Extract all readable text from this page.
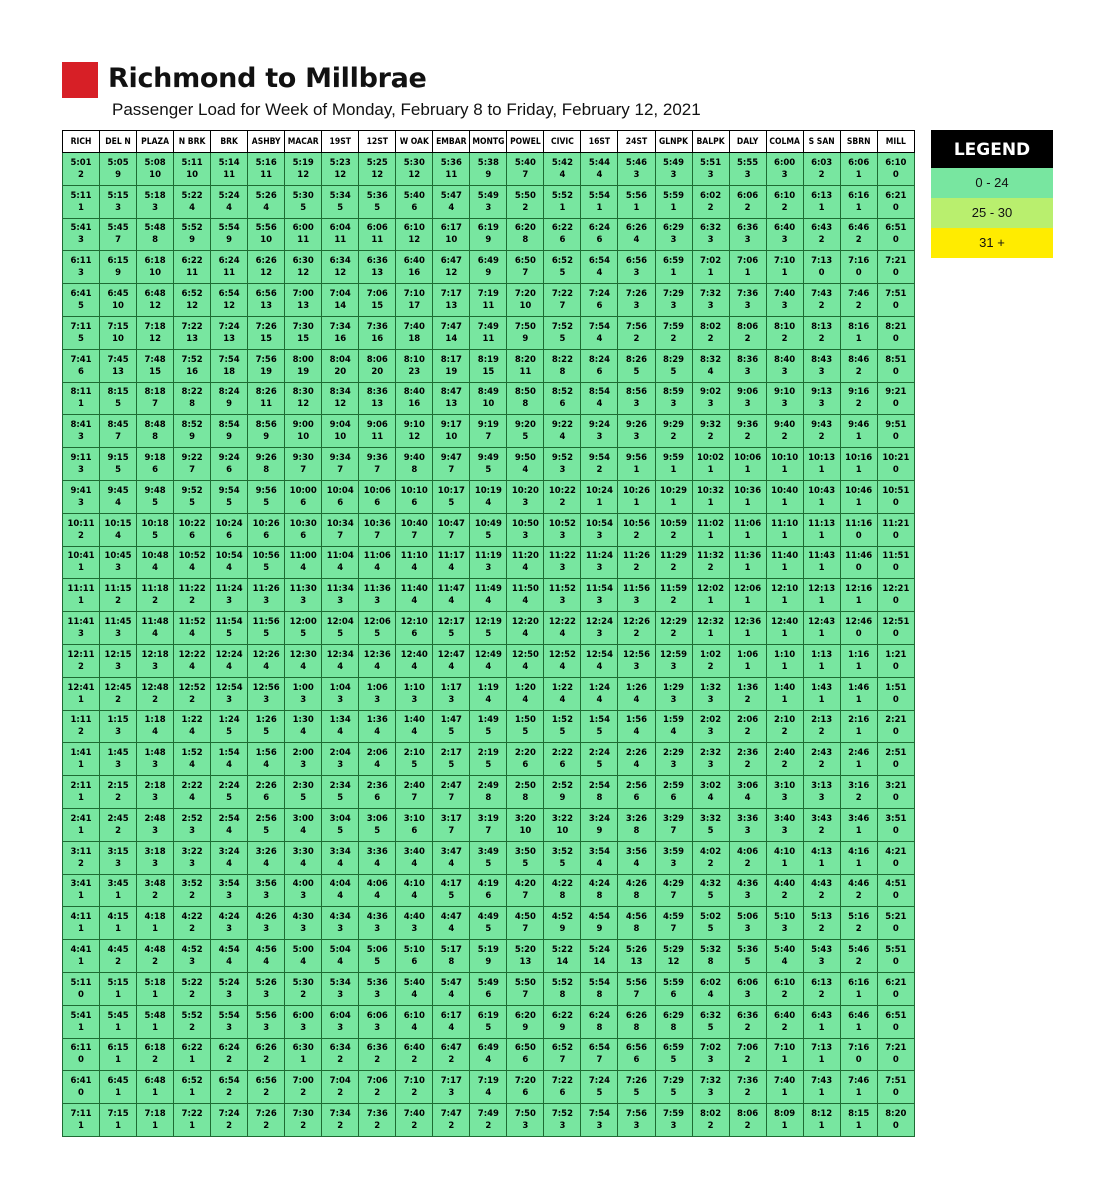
Richmond to Millbrae
Passenger Load for Week of Monday, February 8 to Friday, February 12, 2021
RICH	DEL N	PLAZA	N BRK	BRK	ASHBY	MACAR	19ST	12ST	W OAK	EMBAR	MONTG	POWEL	CIVIC	16ST	24ST	GLNPK	BALPK	DALY	COLMA	S SAN	SBRN	MILL

5:01
2	5:05
9	5:08
10	5:11
10	5:14
11	5:16
11	5:19
12	5:23
12	5:25
12	5:30
12	5:36
11	5:38
9	5:40
7	5:42
4	5:44
4	5:46
3	5:49
3	5:51
3	5:55
3	6:00
3	6:03
2	6:06
1	6:10
0

5:11
1	5:15
3	5:18
3	5:22
4	5:24
4	5:26
4	5:30
5	5:34
5	5:36
5	5:40
6	5:47
4	5:49
3	5:50
2	5:52
1	5:54
1	5:56
1	5:59
1	6:02
2	6:06
2	6:10
2	6:13
1	6:16
1	6:21
0

5:41
3	5:45
7	5:48
8	5:52
9	5:54
9	5:56
10	6:00
11	6:04
11	6:06
11	6:10
12	6:17
10	6:19
9	6:20
8	6:22
6	6:24
6	6:26
4	6:29
3	6:32
3	6:36
3	6:40
3	6:43
2	6:46
2	6:51
0

6:11
3	6:15
9	6:18
10	6:22
11	6:24
11	6:26
12	6:30
12	6:34
12	6:36
13	6:40
16	6:47
12	6:49
9	6:50
7	6:52
5	6:54
4	6:56
3	6:59
1	7:02
1	7:06
1	7:10
1	7:13
0	7:16
0	7:21
0

6:41
5	6:45
10	6:48
12	6:52
12	6:54
12	6:56
13	7:00
13	7:04
14	7:06
15	7:10
17	7:17
13	7:19
11	7:20
10	7:22
7	7:24
6	7:26
3	7:29
3	7:32
3	7:36
3	7:40
3	7:43
2	7:46
2	7:51
0

7:11
5	7:15
10	7:18
12	7:22
13	7:24
13	7:26
15	7:30
15	7:34
16	7:36
16	7:40
18	7:47
14	7:49
11	7:50
9	7:52
5	7:54
4	7:56
2	7:59
2	8:02
2	8:06
2	8:10
2	8:13
2	8:16
1	8:21
0

7:41
6	7:45
13	7:48
15	7:52
16	7:54
18	7:56
19	8:00
19	8:04
20	8:06
20	8:10
23	8:17
19	8:19
15	8:20
11	8:22
8	8:24
6	8:26
5	8:29
5	8:32
4	8:36
3	8:40
3	8:43
3	8:46
2	8:51
0

8:11
1	8:15
5	8:18
7	8:22
8	8:24
9	8:26
11	8:30
12	8:34
12	8:36
13	8:40
16	8:47
13	8:49
10	8:50
8	8:52
6	8:54
4	8:56
3	8:59
3	9:02
3	9:06
3	9:10
3	9:13
3	9:16
2	9:21
0

8:41
3	8:45
7	8:48
8	8:52
9	8:54
9	8:56
9	9:00
10	9:04
10	9:06
11	9:10
12	9:17
10	9:19
7	9:20
5	9:22
4	9:24
3	9:26
3	9:29
2	9:32
2	9:36
2	9:40
2	9:43
2	9:46
1	9:51
0

9:11
3	9:15
5	9:18
6	9:22
7	9:24
6	9:26
8	9:30
7	9:34
7	9:36
7	9:40
8	9:47
7	9:49
5	9:50
4	9:52
3	9:54
2	9:56
1	9:59
1	10:02
1	10:06
1	10:10
1	10:13
1	10:16
1	10:21
0

9:41
3	9:45
4	9:48
5	9:52
5	9:54
5	9:56
5	10:00
6	10:04
6	10:06
6	10:10
6	10:17
5	10:19
4	10:20
3	10:22
2	10:24
1	10:26
1	10:29
1	10:32
1	10:36
1	10:40
1	10:43
1	10:46
1	10:51
0

10:11
2	10:15
4	10:18
5	10:22
6	10:24
6	10:26
6	10:30
6	10:34
7	10:36
7	10:40
7	10:47
7	10:49
5	10:50
3	10:52
3	10:54
3	10:56
2	10:59
2	11:02
1	11:06
1	11:10
1	11:13
1	11:16
0	11:21
0

10:41
1	10:45
3	10:48
4	10:52
4	10:54
4	10:56
5	11:00
4	11:04
4	11:06
4	11:10
4	11:17
4	11:19
3	11:20
4	11:22
3	11:24
3	11:26
2	11:29
2	11:32
2	11:36
1	11:40
1	11:43
1	11:46
0	11:51
0

11:11
1	11:15
2	11:18
2	11:22
2	11:24
3	11:26
3	11:30
3	11:34
3	11:36
3	11:40
4	11:47
4	11:49
4	11:50
4	11:52
3	11:54
3	11:56
3	11:59
2	12:02
1	12:06
1	12:10
1	12:13
1	12:16
1	12:21
0

11:41
3	11:45
3	11:48
4	11:52
4	11:54
5	11:56
5	12:00
5	12:04
5	12:06
5	12:10
6	12:17
5	12:19
5	12:20
4	12:22
4	12:24
3	12:26
2	12:29
2	12:32
1	12:36
1	12:40
1	12:43
1	12:46
0	12:51
0

12:11
2	12:15
3	12:18
3	12:22
4	12:24
4	12:26
4	12:30
4	12:34
4	12:36
4	12:40
4	12:47
4	12:49
4	12:50
4	12:52
4	12:54
4	12:56
3	12:59
3	1:02
2	1:06
1	1:10
1	1:13
1	1:16
1	1:21
0

12:41
1	12:45
2	12:48
2	12:52
2	12:54
3	12:56
3	1:00
3	1:04
3	1:06
3	1:10
3	1:17
3	1:19
4	1:20
4	1:22
4	1:24
4	1:26
4	1:29
3	1:32
3	1:36
2	1:40
1	1:43
1	1:46
1	1:51
0

1:11
2	1:15
3	1:18
4	1:22
4	1:24
5	1:26
5	1:30
4	1:34
4	1:36
4	1:40
4	1:47
5	1:49
5	1:50
5	1:52
5	1:54
5	1:56
4	1:59
4	2:02
3	2:06
2	2:10
2	2:13
2	2:16
1	2:21
0

1:41
1	1:45
3	1:48
3	1:52
4	1:54
4	1:56
4	2:00
3	2:04
3	2:06
4	2:10
5	2:17
5	2:19
5	2:20
6	2:22
6	2:24
5	2:26
4	2:29
3	2:32
3	2:36
2	2:40
2	2:43
2	2:46
1	2:51
0

2:11
1	2:15
2	2:18
3	2:22
4	2:24
5	2:26
6	2:30
5	2:34
5	2:36
6	2:40
7	2:47
7	2:49
8	2:50
8	2:52
9	2:54
8	2:56
6	2:59
6	3:02
4	3:06
4	3:10
3	3:13
3	3:16
2	3:21
0

2:41
1	2:45
2	2:48
3	2:52
3	2:54
4	2:56
5	3:00
4	3:04
5	3:06
5	3:10
6	3:17
7	3:19
7	3:20
10	3:22
10	3:24
9	3:26
8	3:29
7	3:32
5	3:36
3	3:40
3	3:43
2	3:46
1	3:51
0

3:11
2	3:15
3	3:18
3	3:22
3	3:24
4	3:26
4	3:30
4	3:34
4	3:36
4	3:40
4	3:47
4	3:49
5	3:50
5	3:52
5	3:54
4	3:56
4	3:59
3	4:02
2	4:06
2	4:10
1	4:13
1	4:16
1	4:21
0

3:41
1	3:45
1	3:48
2	3:52
2	3:54
3	3:56
3	4:00
3	4:04
4	4:06
4	4:10
4	4:17
5	4:19
6	4:20
7	4:22
8	4:24
8	4:26
8	4:29
7	4:32
5	4:36
3	4:40
2	4:43
2	4:46
2	4:51
0

4:11
1	4:15
1	4:18
1	4:22
2	4:24
3	4:26
3	4:30
3	4:34
3	4:36
3	4:40
3	4:47
4	4:49
5	4:50
7	4:52
9	4:54
9	4:56
8	4:59
7	5:02
5	5:06
3	5:10
3	5:13
2	5:16
2	5:21
0

4:41
1	4:45
2	4:48
2	4:52
3	4:54
4	4:56
4	5:00
4	5:04
4	5:06
5	5:10
6	5:17
8	5:19
9	5:20
13	5:22
14	5:24
14	5:26
13	5:29
12	5:32
8	5:36
5	5:40
4	5:43
3	5:46
2	5:51
0

5:11
0	5:15
1	5:18
1	5:22
2	5:24
3	5:26
3	5:30
2	5:34
3	5:36
3	5:40
4	5:47
4	5:49
6	5:50
7	5:52
8	5:54
8	5:56
7	5:59
6	6:02
4	6:06
3	6:10
2	6:13
2	6:16
1	6:21
0

5:41
1	5:45
1	5:48
1	5:52
2	5:54
3	5:56
3	6:00
3	6:04
3	6:06
3	6:10
4	6:17
4	6:19
5	6:20
9	6:22
9	6:24
8	6:26
8	6:29
8	6:32
5	6:36
2	6:40
2	6:43
1	6:46
1	6:51
0

6:11
0	6:15
1	6:18
2	6:22
1	6:24
2	6:26
2	6:30
1	6:34
2	6:36
2	6:40
2	6:47
2	6:49
4	6:50
6	6:52
7	6:54
7	6:56
6	6:59
5	7:02
3	7:06
2	7:10
1	7:13
1	7:16
0	7:21
0

6:41
0	6:45
1	6:48
1	6:52
1	6:54
2	6:56
2	7:00
2	7:04
2	7:06
2	7:10
2	7:17
3	7:19
4	7:20
6	7:22
6	7:24
5	7:26
5	7:29
5	7:32
3	7:36
2	7:40
1	7:43
1	7:46
1	7:51
0

7:11
1	7:15
1	7:18
1	7:22
1	7:24
2	7:26
2	7:30
2	7:34
2	7:36
2	7:40
2	7:47
2	7:49
2	7:50
3	7:52
3	7:54
3	7:56
3	7:59
3	8:02
2	8:06
2	8:09
1	8:12
1	8:15
1	8:20
0
LEGEND
0 - 24
25 - 30
31 +
